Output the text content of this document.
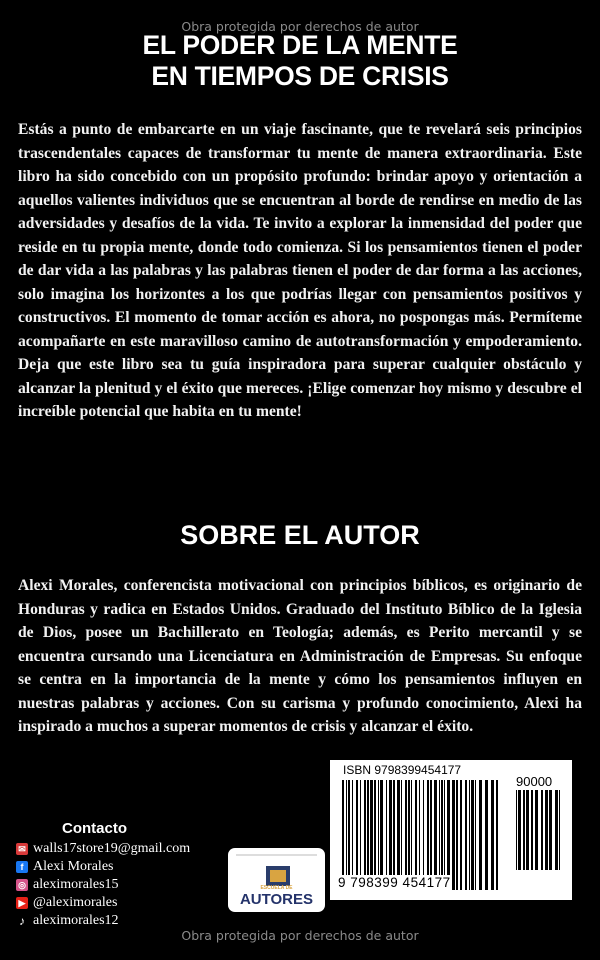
Obra protegida por derechos de autor
EL PODER DE LA MENTE
EN TIEMPOS DE CRISIS
Estás a punto de embarcarte en un viaje fascinante, que te revelará seis principios trascendentales capaces de transformar tu mente de manera extraordinaria. Este libro ha sido concebido con un propósito profundo: brindar apoyo y orientación a aquellos valientes individuos que se encuentran al borde de rendirse en medio de las adversidades y desafíos de la vida. Te invito a explorar la inmensidad del poder que reside en tu propia mente, donde todo comienza. Si los pensamientos tienen el poder de dar vida a las palabras y las palabras tienen el poder de dar forma a las acciones, solo imagina los horizontes a los que podrías llegar con pensamientos positivos y constructivos. El momento de tomar acción es ahora, no pospongas más. Permíteme acompañarte en este maravilloso camino de autotransformación y empoderamiento. Deja que este libro sea tu guía inspiradora para superar cualquier obstáculo y alcanzar la plenitud y el éxito que mereces. ¡Elige comenzar hoy mismo y descubre el increíble potencial que habita en tu mente!
SOBRE EL AUTOR
Alexi Morales, conferencista motivacional con principios bíblicos, es originario de Honduras y radica en Estados Unidos. Graduado del Instituto Bíblico de la Iglesia de Dios, posee un Bachillerato en Teología; además, es Perito mercantil y se encuentra cursando una Licenciatura en Administración de Empresas. Su enfoque se centra en la importancia de la mente y cómo los pensamientos influyen en nuestras palabras y acciones. Con su carisma y profundo conocimiento, Alexi ha inspirado a muchos a superar momentos de crisis y alcanzar el éxito.
Contacto
✉ walls17store19@gmail.com
f Alexi Morales
◎ aleximorales15
▶ @aleximorales
♪ aleximorales12
ESCUELA DE
AUTORES
ISBN 9798399454177
90000
9 798399 454177
Obra protegida por derechos de autor
